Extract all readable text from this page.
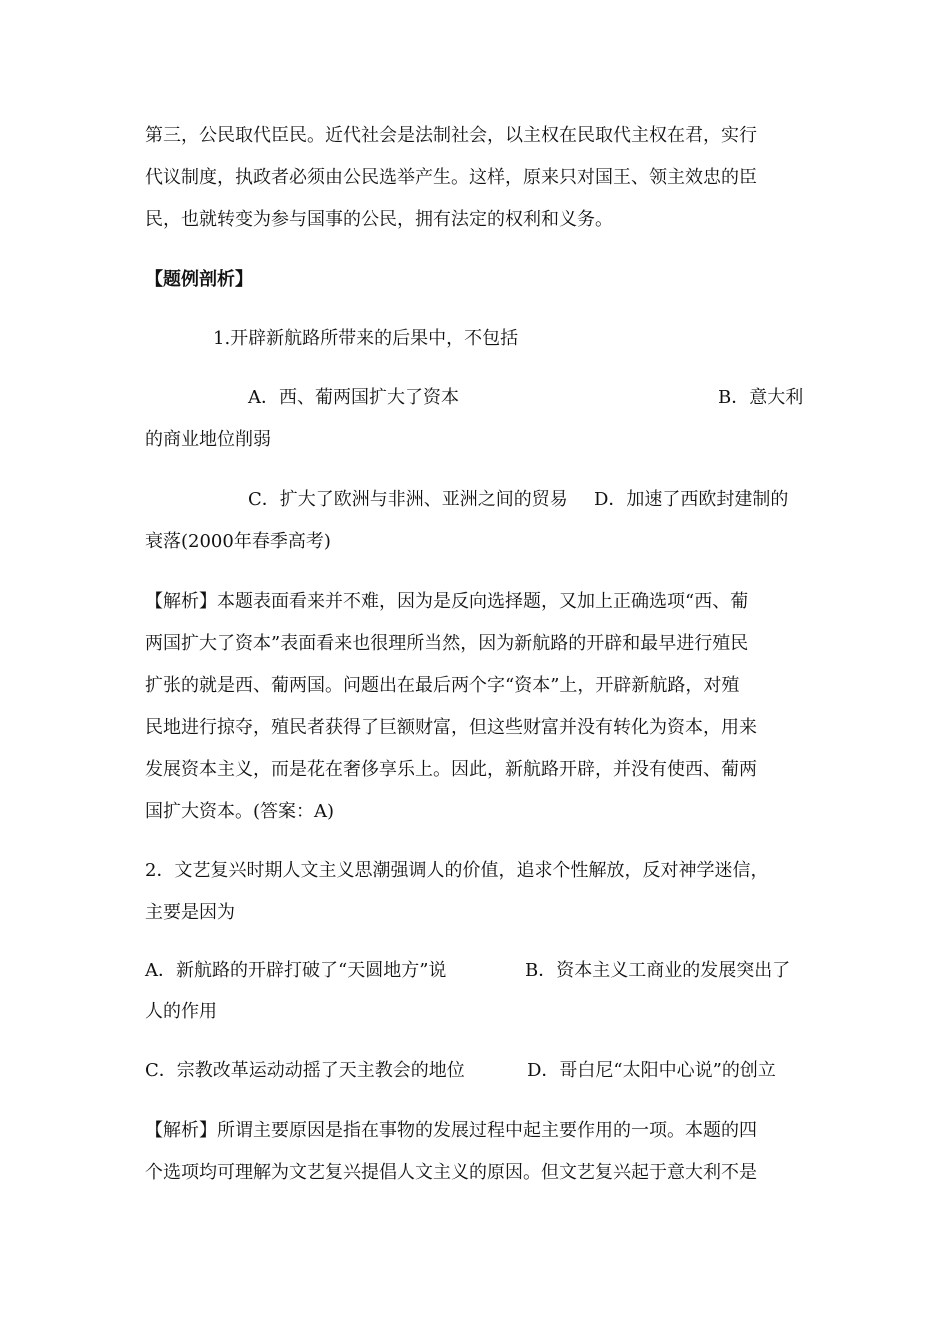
第三，公民取代臣民。近代社会是法制社会，以主权在民取代主权在君，实行
代议制度，执政者必须由公民选举产生。这样，原来只对国王、领主效忠的臣
民，也就转变为参与国事的公民，拥有法定的权利和义务。
【题例剖析】
1.开辟新航路所带来的后果中，不包括
A．西、葡两国扩大了资本	B．意大利
的商业地位削弱
C．扩大了欧洲与非洲、亚洲之间的贸易 D．加速了西欧封建制的
衰落(2000年春季高考)
【解析】本题表面看来并不难，因为是反向选择题，又加上正确选项“西、葡
两国扩大了资本”表面看来也很理所当然，因为新航路的开辟和最早进行殖民
扩张的就是西、葡两国。问题出在最后两个字“资本”上，开辟新航路，对殖
民地进行掠夺，殖民者获得了巨额财富，但这些财富并没有转化为资本，用来
发展资本主义，而是花在奢侈享乐上。因此，新航路开辟，并没有使西、葡两
国扩大资本。(答案：A)
2．文艺复兴时期人文主义思潮强调人的价值，追求个性解放，反对神学迷信，
主要是因为
A．新航路的开辟打破了“天圆地方”说	B．资本主义工商业的发展突出了
人的作用
C．宗教改革运动动摇了天主教会的地位	D．哥白尼“太阳中心说”的创立
【解析】所谓主要原因是指在事物的发展过程中起主要作用的一项。本题的四
个选项均可理解为文艺复兴提倡人文主义的原因。但文艺复兴起于意大利不是
